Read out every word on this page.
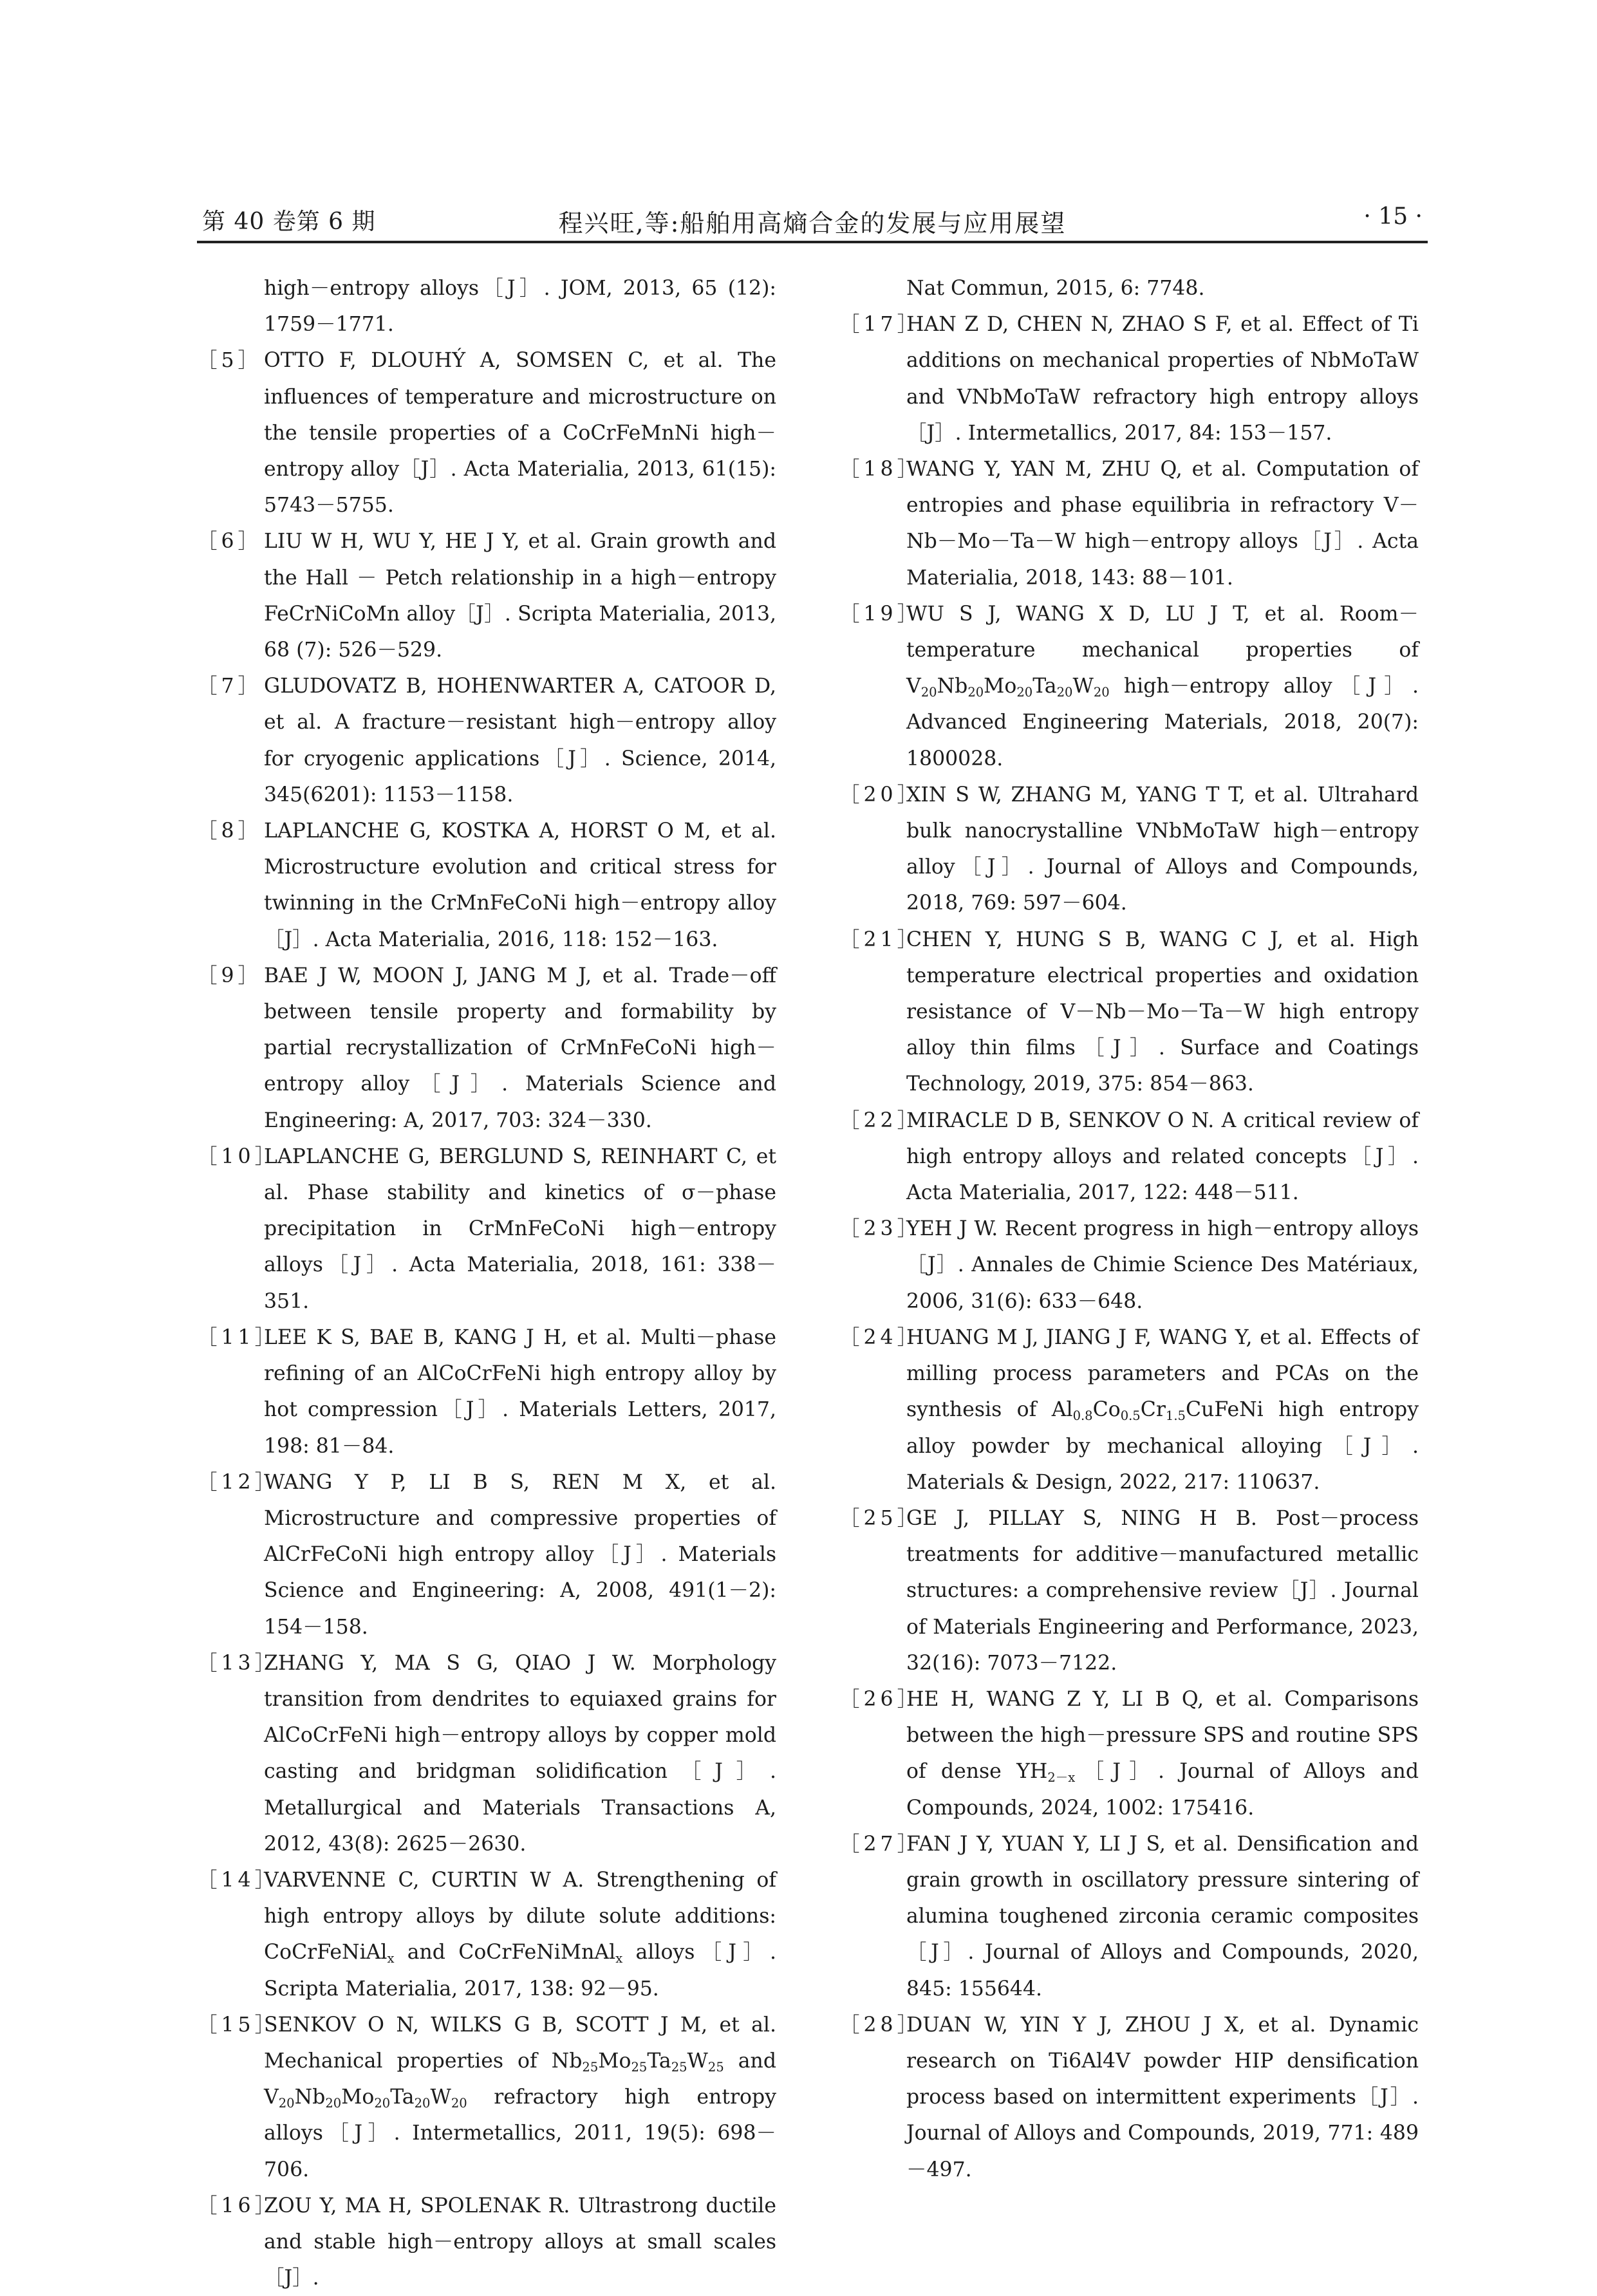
第 40 卷第 6 期	程兴旺,等:船舶用高熵合金的发展与应用展望	· 15 ·
high－entropy alloys［J］. JOM, 2013, 65 (12): 1759－1771.
［5］ OTTO F, DLOUHÝ A, SOMSEN C, et al. The influences of temperature and microstructure on the tensile properties of a CoCrFeMnNi high－entropy alloy［J］. Acta Materialia, 2013, 61(15): 5743－5755.
［6］ LIU W H, WU Y, HE J Y, et al. Grain growth and the Hall － Petch relationship in a high－entropy FeCrNiCoMn alloy［J］. Scripta Materialia, 2013, 68 (7): 526－529.
［7］ GLUDOVATZ B, HOHENWARTER A, CATOOR D, et al. A fracture－resistant high－entropy alloy for cryogenic applications［J］. Science, 2014, 345(6201): 1153－1158.
［8］ LAPLANCHE G, KOSTKA A, HORST O M, et al. Microstructure evolution and critical stress for twinning in the CrMnFeCoNi high－entropy alloy［J］. Acta Materialia, 2016, 118: 152－163.
［9］ BAE J W, MOON J, JANG M J, et al. Trade－off between tensile property and formability by partial recrystallization of CrMnFeCoNi high－entropy alloy［J］. Materials Science and Engineering: A, 2017, 703: 324－330.
［10］
LAPLANCHE G, BERGLUND S, REINHART C, et al. Phase stability and kinetics of σ－phase precipitation in CrMnFeCoNi high－entropy alloys［J］. Acta Materialia, 2018, 161: 338－351.
［11］
LEE K S, BAE B, KANG J H, et al. Multi－phase refining of an AlCoCrFeNi high entropy alloy by hot compression［J］. Materials Letters, 2017, 198: 81－84.
［12］
WANG Y P, LI B S, REN M X, et al. Microstructure and compressive properties of AlCrFeCoNi high entropy alloy［J］. Materials Science and Engineering: A, 2008, 491(1－2): 154－158.
［13］
ZHANG Y, MA S G, QIAO J W. Morphology transition from dendrites to equiaxed grains for AlCoCrFeNi high－entropy alloys by copper mold casting and bridgman solidification［J］. Metallurgical and Materials Transactions A, 2012, 43(8): 2625－2630.
［14］
VARVENNE C, CURTIN W A. Strengthening of high entropy alloys by dilute solute additions: CoCrFeNiAl$_x$ and CoCrFeNiMnAl$_x$ alloys［J］. Scripta Materialia, 2017, 138: 92－95.
［15］
SENKOV O N, WILKS G B, SCOTT J M, et al. Mechanical properties of $Nb_{25}Mo_{25}Ta_{25}W_{25}$ and $V_{20}Nb_{20}Mo_{20}Ta_{20}W_{20}$ refractory high entropy alloys［J］. Intermetallics, 2011, 19(5): 698－706.
［16］
ZOU Y, MA H, SPOLENAK R. Ultrastrong ductile and stable high－entropy alloys at small scales［J］.
Nat Commun, 2015, 6: 7748.
［17］
HAN Z D, CHEN N, ZHAO S F, et al. Effect of Ti additions on mechanical properties of NbMoTaW and VNbMoTaW refractory high entropy alloys［J］. Intermetallics, 2017, 84: 153－157.
［18］
WANG Y, YAN M, ZHU Q, et al. Computation of entropies and phase equilibria in refractory V－Nb－Mo－Ta－W high－entropy alloys［J］. Acta Materialia, 2018, 143: 88－101.
［19］
WU S J, WANG X D, LU J T, et al. Room－temperature mechanical properties of $V_{20}Nb_{20}Mo_{20}Ta_{20}W_{20}$ high－entropy alloy［J］. Advanced Engineering Materials, 2018, 20(7): 1800028.
［20］
XIN S W, ZHANG M, YANG T T, et al. Ultrahard bulk nanocrystalline VNbMoTaW high－entropy alloy［J］. Journal of Alloys and Compounds, 2018, 769: 597－604.
［21］
CHEN Y, HUNG S B, WANG C J, et al. High temperature electrical properties and oxidation resistance of V－Nb－Mo－Ta－W high entropy alloy thin films［J］. Surface and Coatings Technology, 2019, 375: 854－863.
［22］
MIRACLE D B, SENKOV O N. A critical review of high entropy alloys and related concepts［J］. Acta Materialia, 2017, 122: 448－511.
［23］
YEH J W. Recent progress in high－entropy alloys［J］. Annales de Chimie Science Des Matériaux, 2006, 31(6): 633－648.
［24］
HUANG M J, JIANG J F, WANG Y, et al. Effects of milling process parameters and PCAs on the synthesis of $Al_{0.8}Co_{0.5}Cr_{1.5}CuFeNi$ high entropy alloy powder by mechanical alloying［J］. Materials & Design, 2022, 217: 110637.
［25］
GE J, PILLAY S, NING H B. Post－process treatments for additive－manufactured metallic structures: a comprehensive review［J］. Journal of Materials Engineering and Performance, 2023, 32(16): 7073－7122.
［26］
HE H, WANG Z Y, LI B Q, et al. Comparisons between the high－pressure SPS and routine SPS of dense $YH_{2-x}[J]$. Journal of Alloys and Compounds, 2024, 1002: 175416.
［27］
FAN J Y, YUAN Y, LI J S, et al. Densification and grain growth in oscillatory pressure sintering of alumina toughened zirconia ceramic composites［J］. Journal of Alloys and Compounds, 2020, 845: 155644.
［28］
DUAN W, YIN Y J, ZHOU J X, et al. Dynamic research on Ti6Al4V powder HIP densification process based on intermittent experiments［J］. Journal of Alloys and Compounds, 2019, 771: 489－497.
